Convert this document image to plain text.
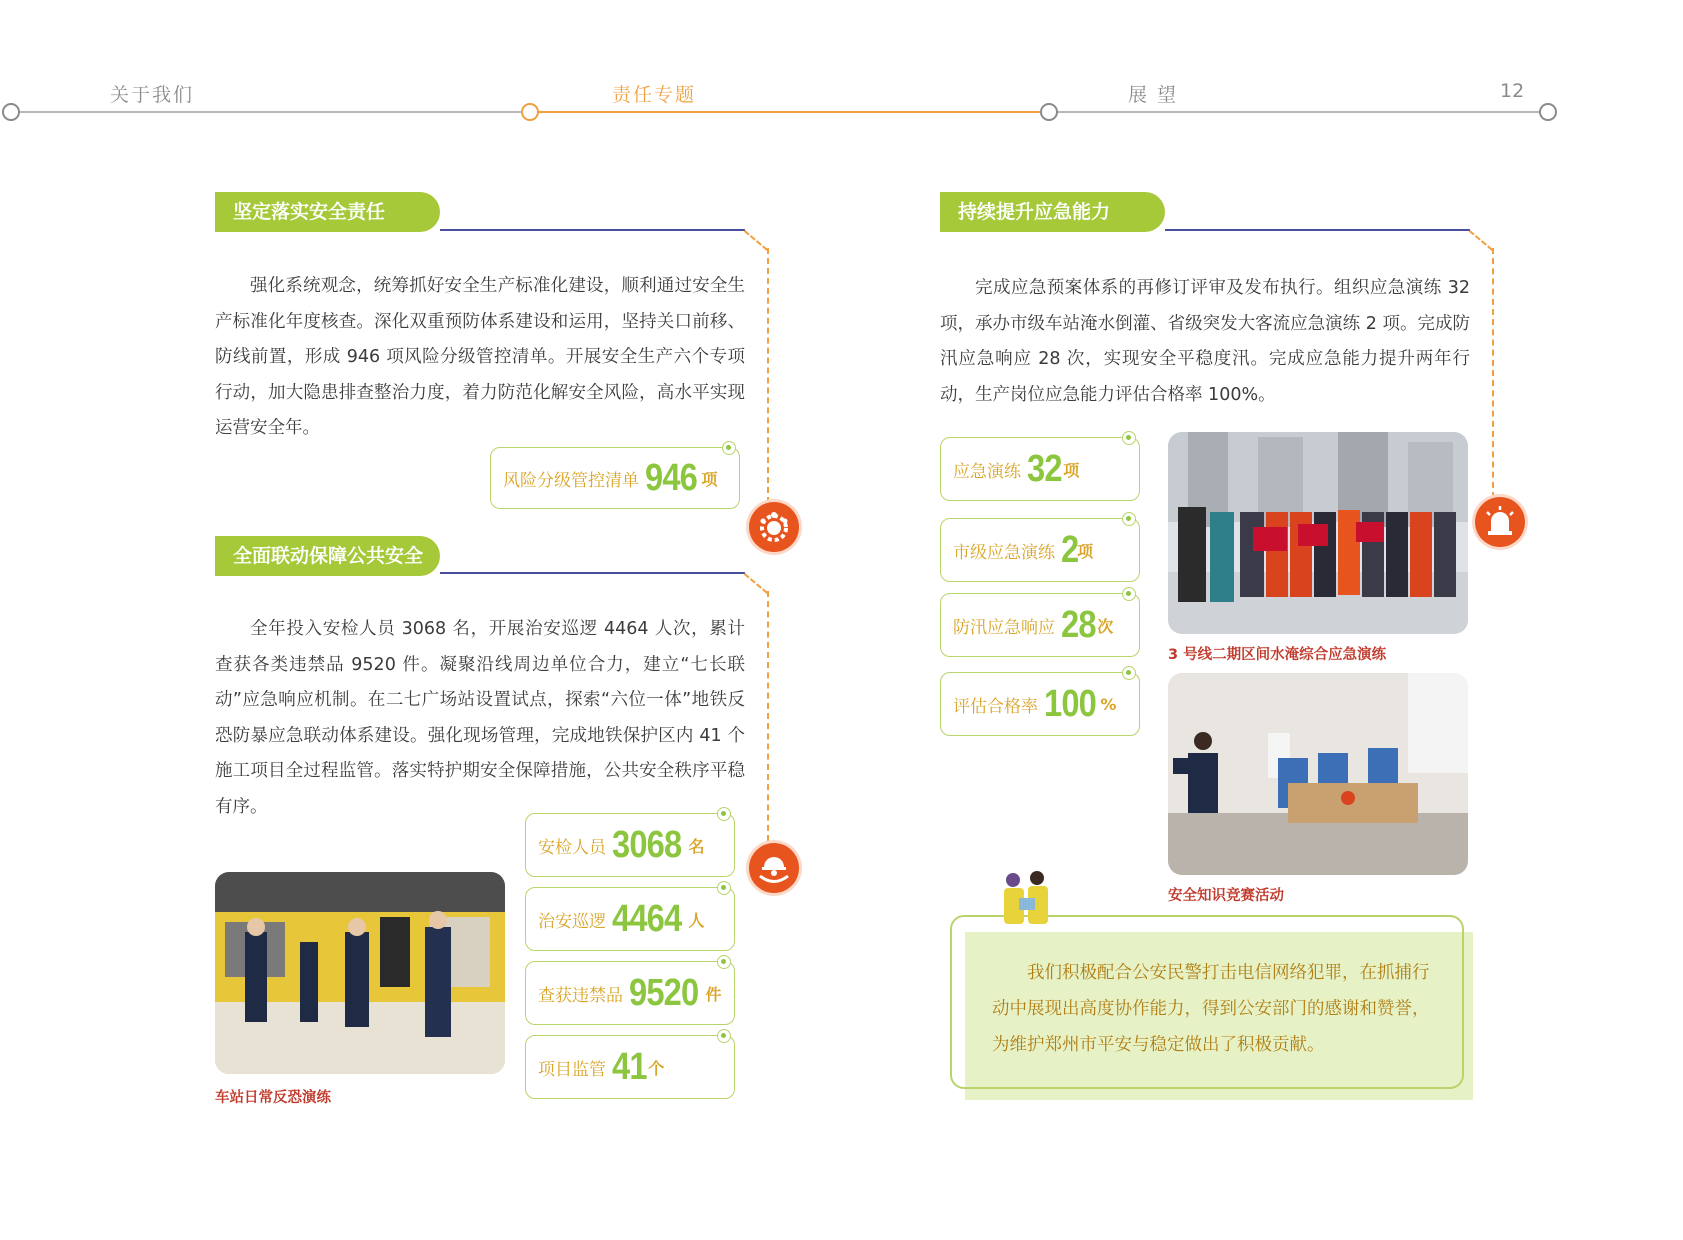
关于我们	责任专题	展 望	12
坚定落实安全责任

强化系统观念，统筹抓好安全生产标准化建设，顺利通过安全生产标准化年度核查。深化双重预防体系建设和运用，坚持关口前移、防线前置，形成 946 项风险分级管控清单。开展安全生产六个专项行动，加大隐患排查整治力度，着力防范化解安全风险，高水平实现运营安全年。

风险分级管控清单 946 项
全面联动保障公共安全

全年投入安检人员 3068 名，开展治安巡逻 4464 人次，累计查获各类违禁品 9520 件。凝聚沿线周边单位合力，建立“七长联动”应急响应机制。在二七广场站设置试点，探索“六位一体”地铁反恐防暴应急联动体系建设。强化现场管理，完成地铁保护区内 41 个施工项目全过程监管。落实特护期安全保障措施，公共安全秩序平稳有序。

安检人员 3068 名
治安巡逻 4464 人
查获违禁品 9520 件
项目监管 41 个
车站日常反恐演练
持续提升应急能力

完成应急预案体系的再修订评审及发布执行。组织应急演练 32 项，承办市级车站淹水倒灌、省级突发大客流应急演练 2 项。完成防汛应急响应 28 次，实现安全平稳度汛。完成应急能力提升两年行动，生产岗位应急能力评估合格率 100%。

应急演练 32 项
市级应急演练 2
项
防汛应急响应 28 次
评估合格率 100 %
3 号线二期区间水淹综合应急演练
安全知识竞赛活动

我们积极配合公安民警打击电信网络犯罪，在抓捕行动中展现出高度协作能力，得到公安部门的感谢和赞誉，为维护郑州市平安与稳定做出了积极贡献。
